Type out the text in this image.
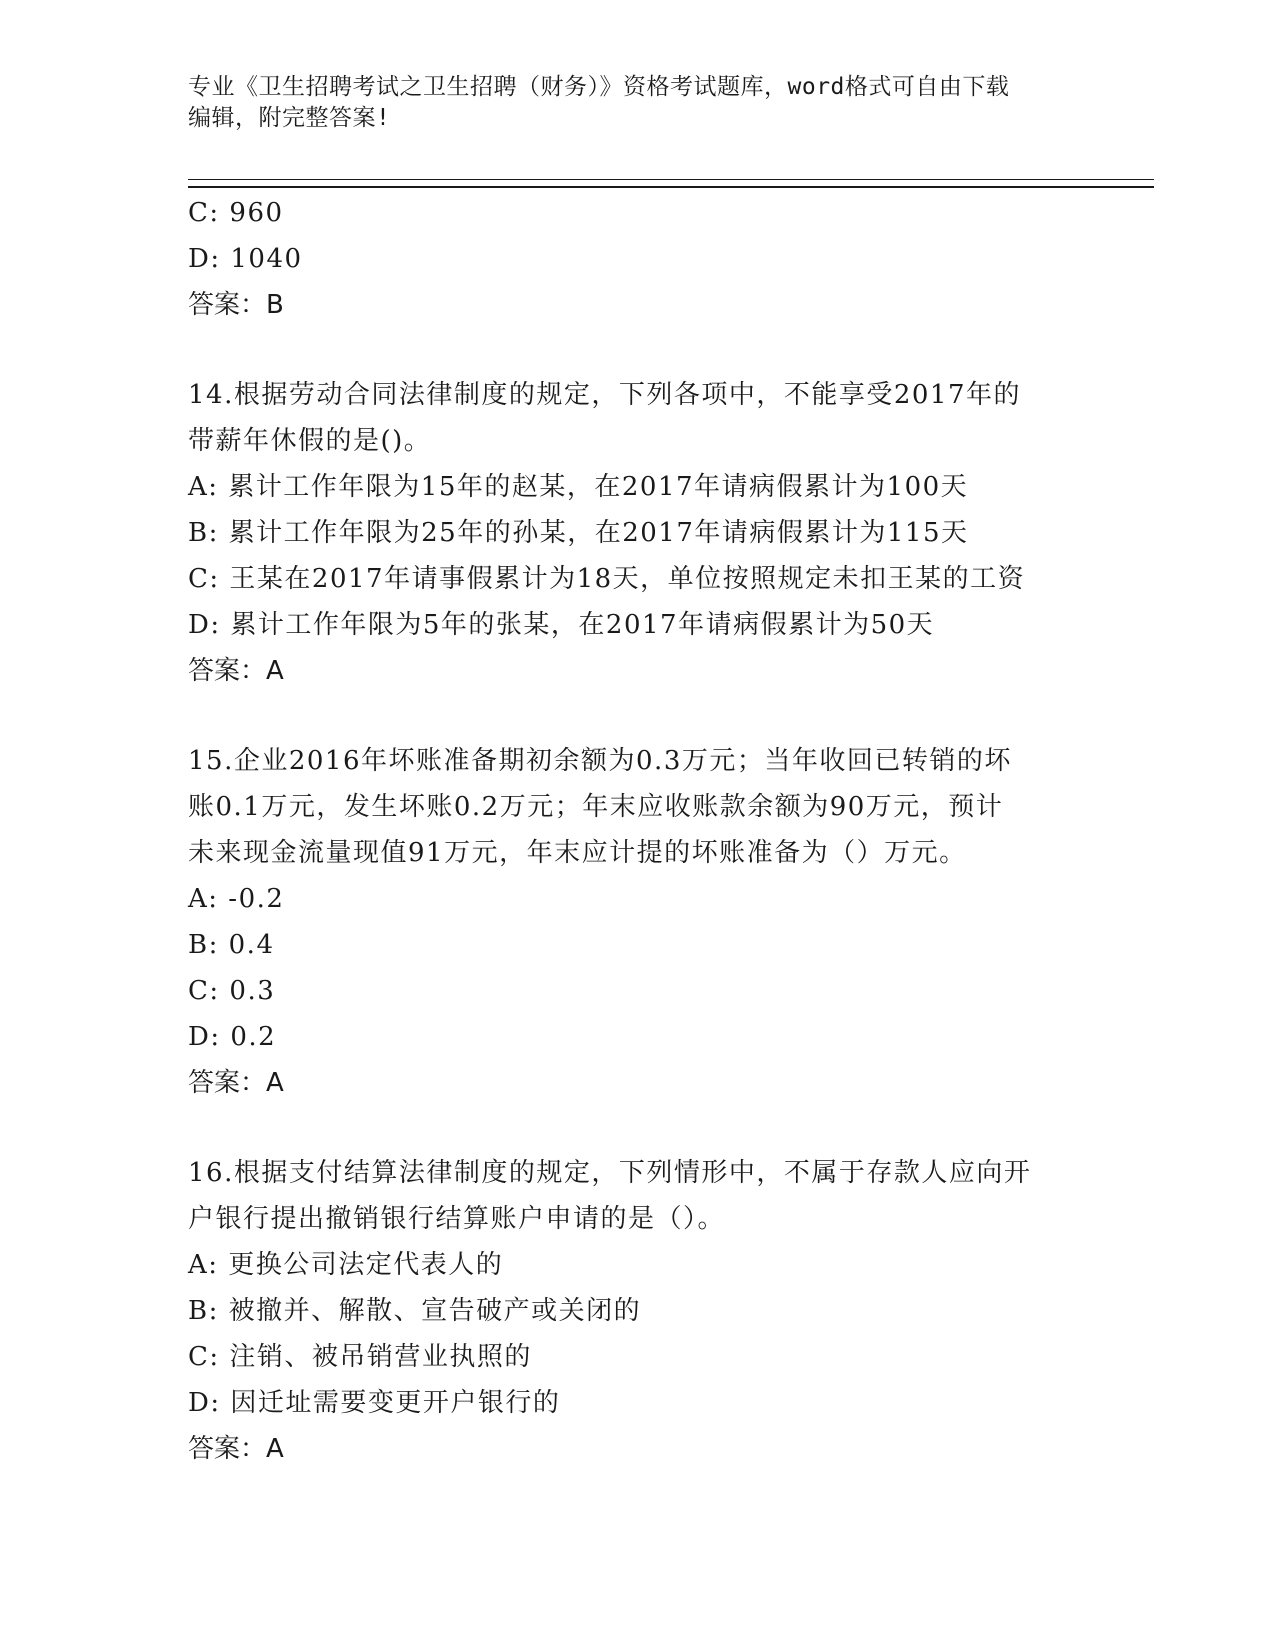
专业《卫生招聘考试之卫生招聘（财务）》资格考试题库，word格式可自由下载
编辑，附完整答案!
C: 960
D: 1040
答案：B
14.根据劳动合同法律制度的规定，下列各项中，不能享受2017年的
带薪年休假的是()。
A: 累计工作年限为15年的赵某，在2017年请病假累计为100天
B: 累计工作年限为25年的孙某，在2017年请病假累计为115天
C: 王某在2017年请事假累计为18天，单位按照规定未扣王某的工资
D: 累计工作年限为5年的张某，在2017年请病假累计为50天
答案：A
15.企业2016年坏账准备期初余额为0.3万元；当年收回已转销的坏
账0.1万元，发生坏账0.2万元；年末应收账款余额为90万元，预计
未来现金流量现值91万元，年末应计提的坏账准备为（）万元。
A: -0.2
B: 0.4
C: 0.3
D: 0.2
答案：A
16.根据支付结算法律制度的规定，下列情形中，不属于存款人应向开
户银行提出撤销银行结算账户申请的是（）。
A: 更换公司法定代表人的
B: 被撤并、解散、宣告破产或关闭的
C: 注销、被吊销营业执照的
D: 因迁址需要变更开户银行的
答案：A
